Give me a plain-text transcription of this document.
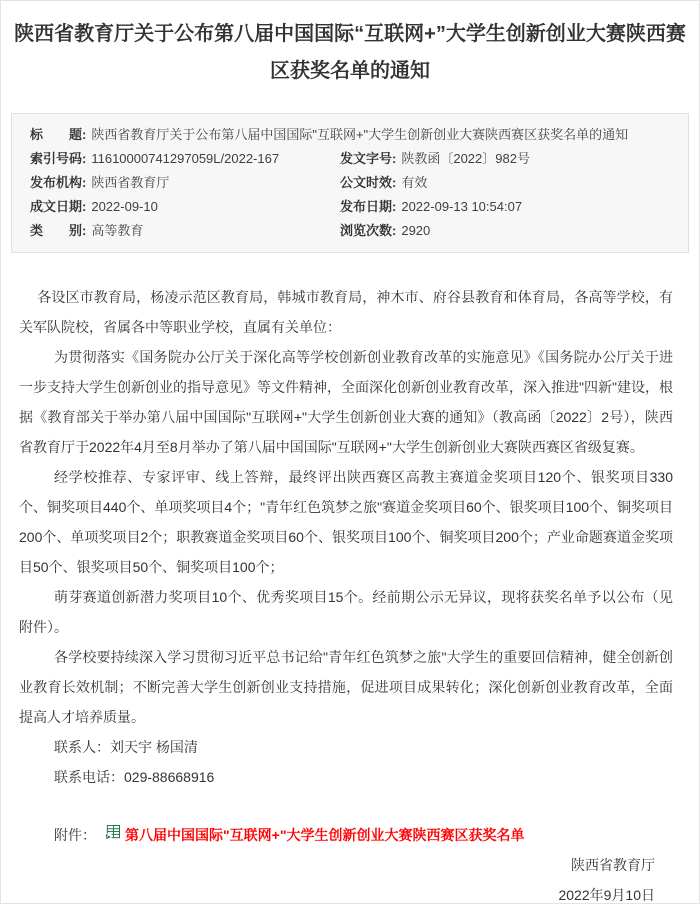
陕西省教育厅关于公布第八届中国国际“互联网+”大学生创新创业大赛陕西赛区获奖名单的通知
标　　题: 陕西省教育厅关于公布第八届中国国际"互联网+"大学生创新创业大赛陕西赛区获奖名单的通知
索引号码: 11610000741297059L/2022-167	发文字号: 陕教函〔2022〕982号
发布机构: 陕西省教育厅	公文时效: 有效
成文日期: 2022-09-10	发布日期: 2022-09-13 10:54:07
类　　别: 高等教育	浏览次数: 2920

各设区市教育局，杨凌示范区教育局，韩城市教育局，神木市、府谷县教育和体育局，各高等学校，有关军队院校，省属各中等职业学校，直属有关单位：

为贯彻落实《国务院办公厅关于深化高等学校创新创业教育改革的实施意见》《国务院办公厅关于进一步支持大学生创新创业的指导意见》等文件精神，全面深化创新创业教育改革，深入推进"四新"建设，根据《教育部关于举办第八届中国国际"互联网+"大学生创新创业大赛的通知》（教高函〔2022〕2号），陕西省教育厅于2022年4月至8月举办了第八届中国国际"互联网+"大学生创新创业大赛陕西赛区省级复赛。

经学校推荐、专家评审、线上答辩，最终评出陕西赛区高教主赛道金奖项目120个、银奖项目330个、铜奖项目440个、单项奖项目4个；"青年红色筑梦之旅"赛道金奖项目60个、银奖项目100个、铜奖项目200个、单项奖项目2个；职教赛道金奖项目60个、银奖项目100个、铜奖项目200个；产业命题赛道金奖项目50个、银奖项目50个、铜奖项目100个；

萌芽赛道创新潜力奖项目10个、优秀奖项目15个。经前期公示无异议，现将获奖名单予以公布（见附件）。

各学校要持续深入学习贯彻习近平总书记给"青年红色筑梦之旅"大学生的重要回信精神，健全创新创业教育长效机制；不断完善大学生创新创业支持措施，促进项目成果转化；深化创新创业教育改革，全面提高人才培养质量。

联系人：刘天宇 杨国清

联系电话：029-88668916

附件： 第八届中国国际"互联网+"大学生创新创业大赛陕西赛区获奖名单
陕西省教育厅
2022年9月10日
